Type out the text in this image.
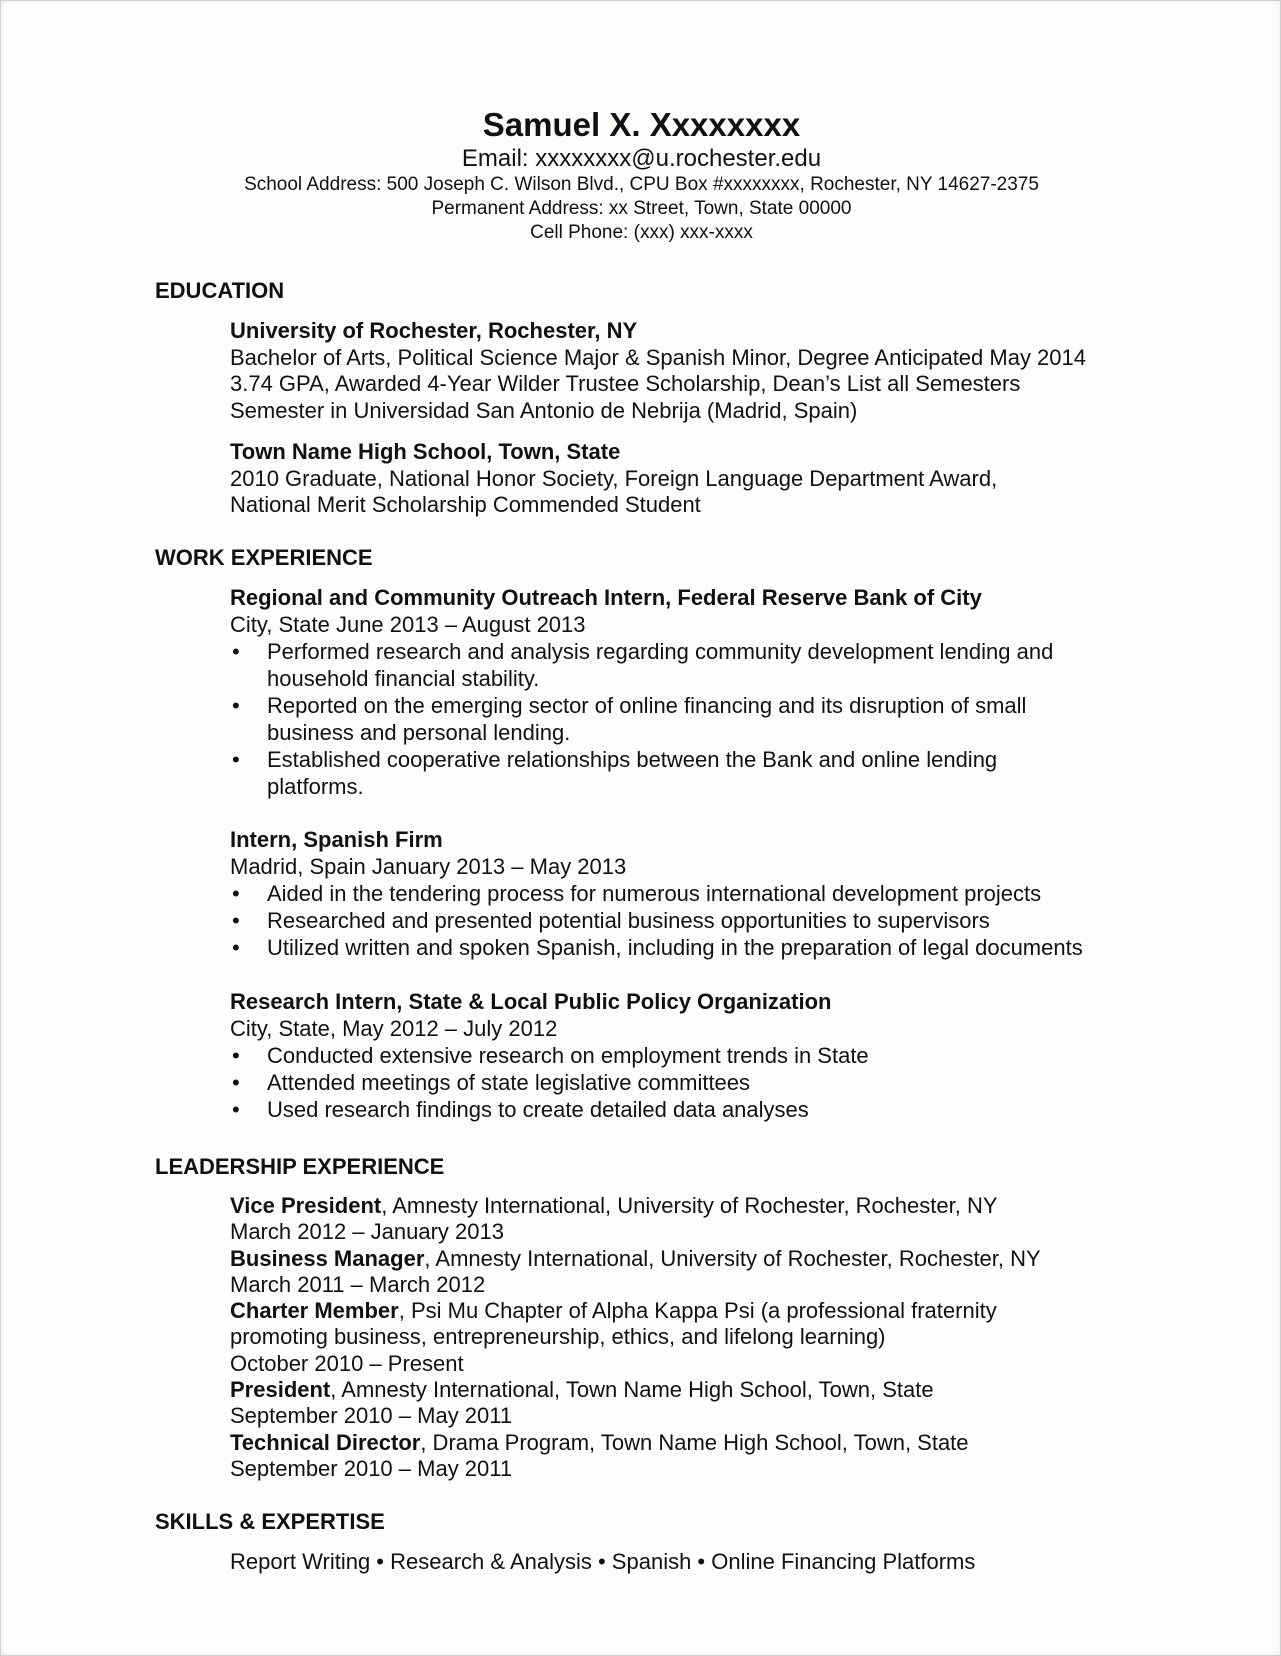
Samuel X. Xxxxxxxx
Email: xxxxxxxx@u.rochester.edu
School Address: 500 Joseph C. Wilson Blvd., CPU Box #xxxxxxxx, Rochester, NY 14627-2375
Permanent Address: xx Street, Town, State 00000
Cell Phone: (xxx) xxx-xxxx
EDUCATION
University of Rochester, Rochester, NY
Bachelor of Arts, Political Science Major & Spanish Minor, Degree Anticipated May 2014
3.74 GPA, Awarded 4-Year Wilder Trustee Scholarship, Dean’s List all Semesters
Semester in Universidad San Antonio de Nebrija (Madrid, Spain)
Town Name High School, Town, State
2010 Graduate, National Honor Society, Foreign Language Department Award,
National Merit Scholarship Commended Student
WORK EXPERIENCE
Regional and Community Outreach Intern, Federal Reserve Bank of City
City, State June 2013 – August 2013
• Performed research and analysis regarding community development lending and
household financial stability.
• Reported on the emerging sector of online financing and its disruption of small
business and personal lending.
• Established cooperative relationships between the Bank and online lending
platforms.
Intern, Spanish Firm
Madrid, Spain January 2013 – May 2013
• Aided in the tendering process for numerous international development projects
• Researched and presented potential business opportunities to supervisors
• Utilized written and spoken Spanish, including in the preparation of legal documents
Research Intern, State & Local Public Policy Organization
City, State, May 2012 – July 2012
• Conducted extensive research on employment trends in State
• Attended meetings of state legislative committees
• Used research findings to create detailed data analyses
LEADERSHIP EXPERIENCE
Vice President, Amnesty International, University of Rochester, Rochester, NY
March 2012 – January 2013
Business Manager, Amnesty International, University of Rochester, Rochester, NY
March 2011 – March 2012
Charter Member, Psi Mu Chapter of Alpha Kappa Psi (a professional fraternity
promoting business, entrepreneurship, ethics, and lifelong learning)
October 2010 – Present
President, Amnesty International, Town Name High School, Town, State
September 2010 – May 2011
Technical Director, Drama Program, Town Name High School, Town, State
September 2010 – May 2011
SKILLS & EXPERTISE
Report Writing • Research & Analysis • Spanish • Online Financing Platforms
